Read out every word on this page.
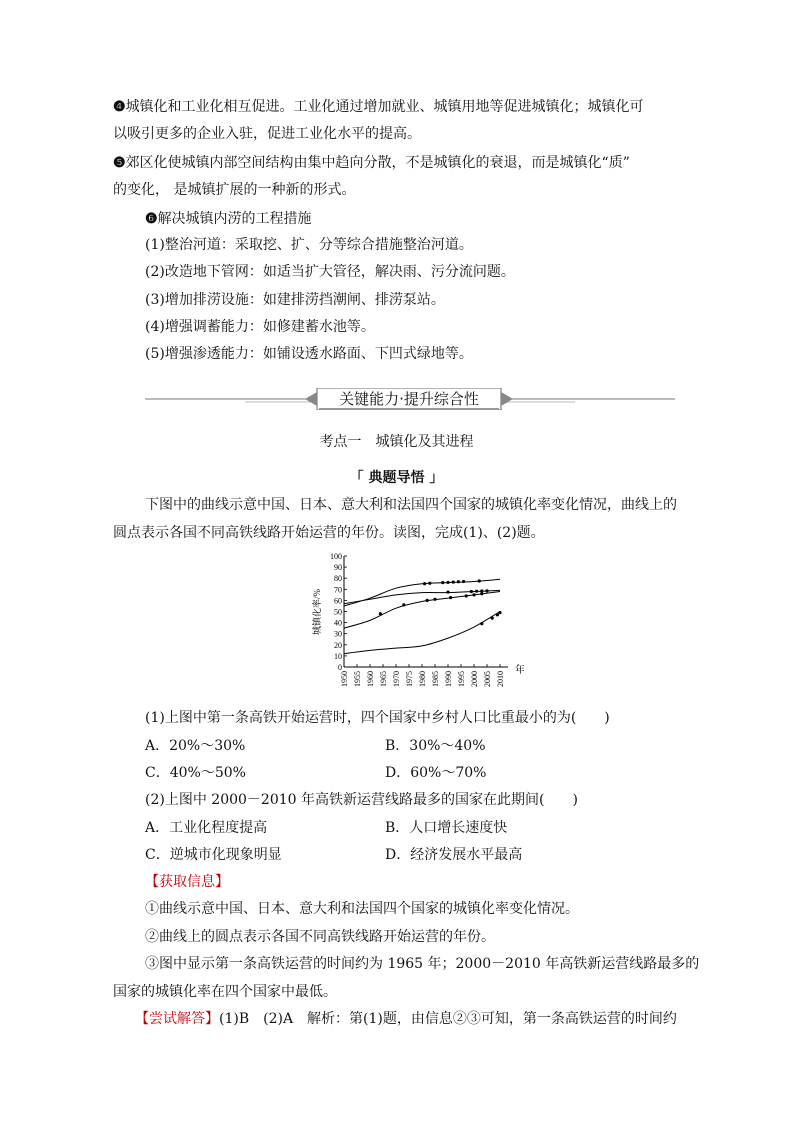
❹城镇化和工业化相互促进。工业化通过增加就业、城镇用地等促进城镇化；城镇化可
以吸引更多的企业入驻，促进工业化水平的提高。
❺郊区化使城镇内部空间结构由集中趋向分散，不是城镇化的衰退，而是城镇化“质”
的变化， 是城镇扩展的一种新的形式。
❻解决城镇内涝的工程措施
(1)整治河道：采取挖、扩、分等综合措施整治河道。
(2)改造地下管网：如适当扩大管径，解决雨、污分流问题。
(3)增加排涝设施：如建排涝挡潮闸、排涝泵站。
(4)增强调蓄能力：如修建蓄水池等。
(5)增强渗透能力：如铺设透水路面、下凹式绿地等。
关键能力·提升综合性
考点一　城镇化及其进程
「 典题导悟 」
下图中的曲线示意中国、日本、意大利和法国四个国家的城镇化率变化情况，曲线上的
圆点表示各国不同高铁线路开始运营的年份。读图，完成(1)、(2)题。
城镇化率/%
年
0
10
20
30
40
50
60
70
80
90
100
1950 1955 1960 1965 1970 1975 1980 1985 1990 1995 2000 2005 2010
(1)上图中第一条高铁开始运营时，四个国家中乡村人口比重最小的为(　　)
A．20%～30%	B．30%～40%
C．40%～50%	D．60%～70%
(2)上图中 2000－2010 年高铁新运营线路最多的国家在此期间(　　)
A．工业化程度提高	B．人口增长速度快
C．逆城市化现象明显	D．经济发展水平最高
【获取信息】
①曲线示意中国、日本、意大利和法国四个国家的城镇化率变化情况。
②曲线上的圆点表示各国不同高铁线路开始运营的年份。
③图中显示第一条高铁运营的时间约为 1965 年；2000－2010 年高铁新运营线路最多的
国家的城镇化率在四个国家中最低。
【尝试解答】(1)B　(2)A　解析：第(1)题，由信息②③可知，第一条高铁运营的时间约
